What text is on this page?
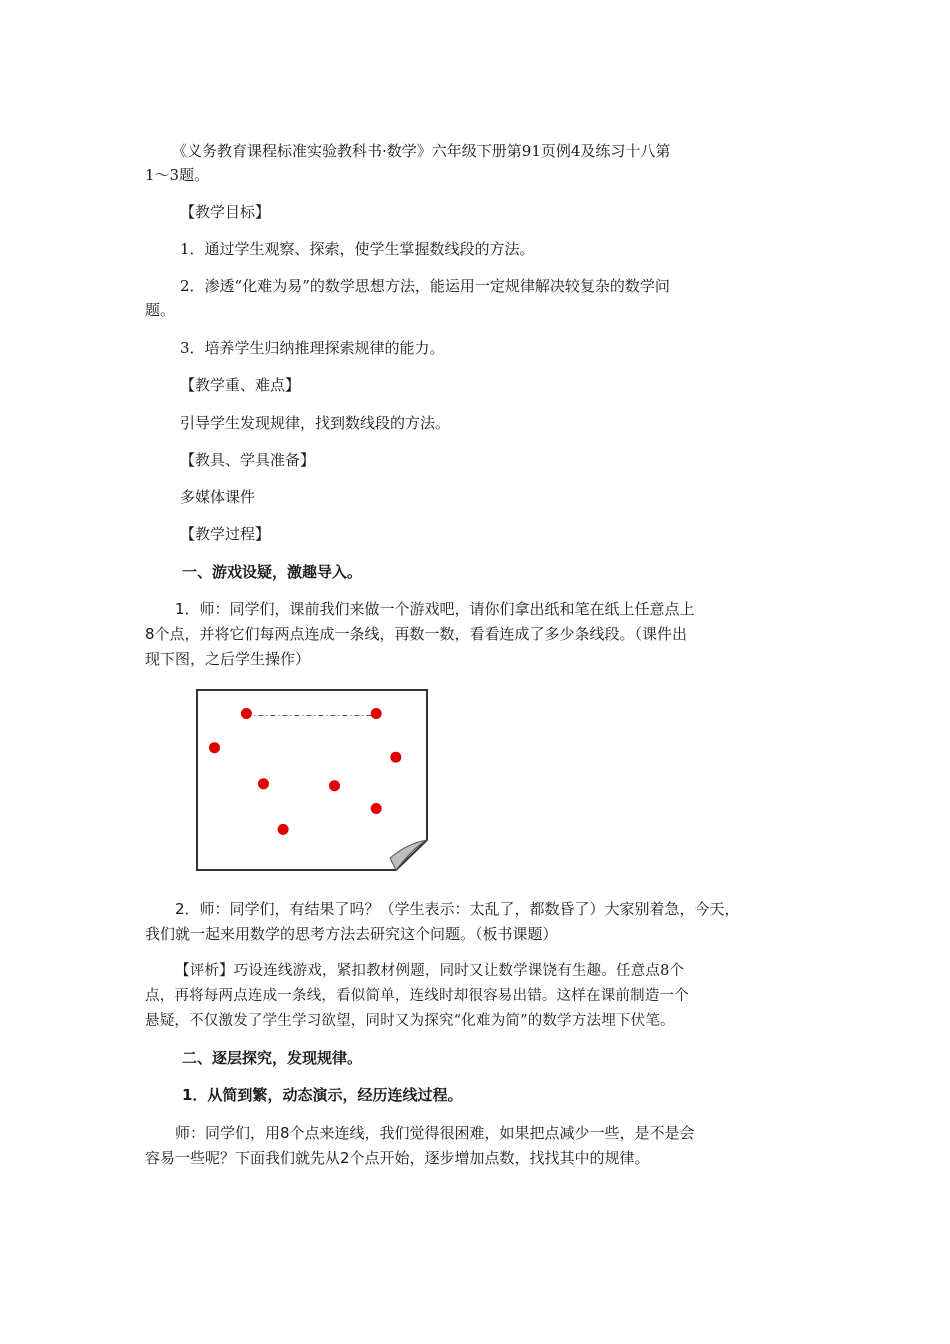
《义务教育课程标准实验教科书·数学》六年级下册第91页例4及练习十八第

1～3题。

【教学目标】

1．通过学生观察、探索，使学生掌握数线段的方法。

2．渗透“化难为易”的数学思想方法，能运用一定规律解决较复杂的数学问

题。

3．培养学生归纳推理探索规律的能力。

【教学重、难点】

引导学生发现规律，找到数线段的方法。

【教具、学具准备】

多媒体课件

【教学过程】

一、游戏设疑，激趣导入。

1．师：同学们，课前我们来做一个游戏吧，请你们拿出纸和笔在纸上任意点上

8个点，并将它们每两点连成一条线，再数一数，看看连成了多少条线段。（课件出

现下图，之后学生操作）

2．师：同学们，有结果了吗？（学生表示：太乱了，都数昏了）大家别着急，今天，

我们就一起来用数学的思考方法去研究这个问题。（板书课题）

【评析】巧设连线游戏，紧扣教材例题，同时又让数学课饶有生趣。任意点8个

点，再将每两点连成一条线，看似简单，连线时却很容易出错。这样在课前制造一个

悬疑，不仅激发了学生学习欲望，同时又为探究“化难为简”的数学方法埋下伏笔。

二、逐层探究，发现规律。

1．从简到繁，动态演示，经历连线过程。

师：同学们，用8个点来连线，我们觉得很困难，如果把点减少一些，是不是会

容易一些呢？下面我们就先从2个点开始，逐步增加点数，找找其中的规律。
